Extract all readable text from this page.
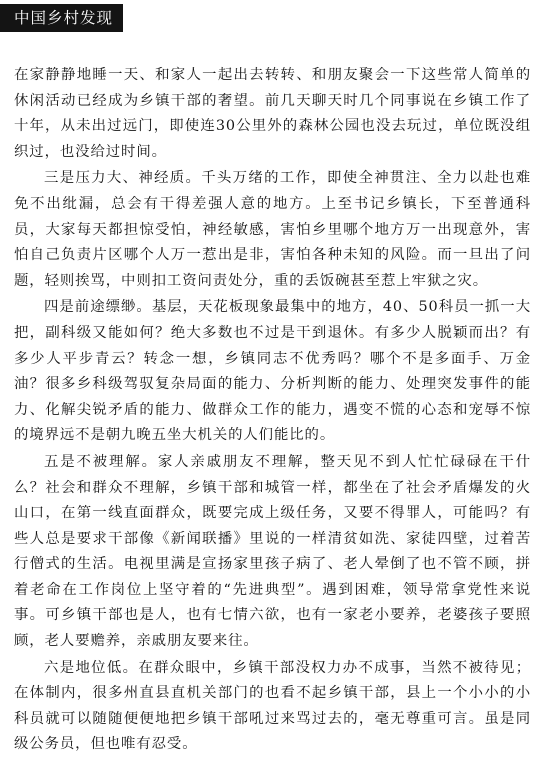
中国乡村发现

在家静静地睡一天、和家人一起出去转转、和朋友聚会一下这些常人简单的休闲活动已经成为乡镇干部的奢望。前几天聊天时几个同事说在乡镇工作了十年，从未出过远门，即使连30公里外的森林公园也没去玩过，单位既没组织过，也没给过时间。

三是压力大、神经质。千头万绪的工作，即使全神贯注、全力以赴也难免不出纰漏，总会有干得差强人意的地方。上至书记乡镇长，下至普通科员，大家每天都担惊受怕，神经敏感，害怕乡里哪个地方万一出现意外，害怕自己负责片区哪个人万一惹出是非，害怕各种未知的风险。而一旦出了问题，轻则挨骂，中则扣工资问责处分，重的丢饭碗甚至惹上牢狱之灾。

四是前途缥缈。基层，天花板现象最集中的地方，40、50科员一抓一大把，副科级又能如何？绝大多数也不过是干到退休。有多少人脱颖而出？有多少人平步青云？转念一想，乡镇同志不优秀吗？哪个不是多面手、万金油？很多乡科级驾驭复杂局面的能力、分析判断的能力、处理突发事件的能力、化解尖锐矛盾的能力、做群众工作的能力，遇变不慌的心态和宠辱不惊的境界远不是朝九晚五坐大机关的人们能比的。

五是不被理解。家人亲戚朋友不理解，整天见不到人忙忙碌碌在干什么？社会和群众不理解，乡镇干部和城管一样，都坐在了社会矛盾爆发的火山口，在第一线直面群众，既要完成上级任务，又要不得罪人，可能吗？有些人总是要求干部像《新闻联播》里说的一样清贫如洗、家徒四壁，过着苦行僧式的生活。电视里满是宣扬家里孩子病了、老人晕倒了也不管不顾，拼着老命在工作岗位上坚守着的“先进典型”。遇到困难，领导常拿党性来说事。可乡镇干部也是人，也有七情六欲，也有一家老小要养，老婆孩子要照顾，老人要赡养，亲戚朋友要来往。

六是地位低。在群众眼中，乡镇干部没权力办不成事，当然不被待见；在体制内，很多州直县直机关部门的也看不起乡镇干部，县上一个小小的小科员就可以随随便便地把乡镇干部吼过来骂过去的，毫无尊重可言。虽是同级公务员，但也唯有忍受。
